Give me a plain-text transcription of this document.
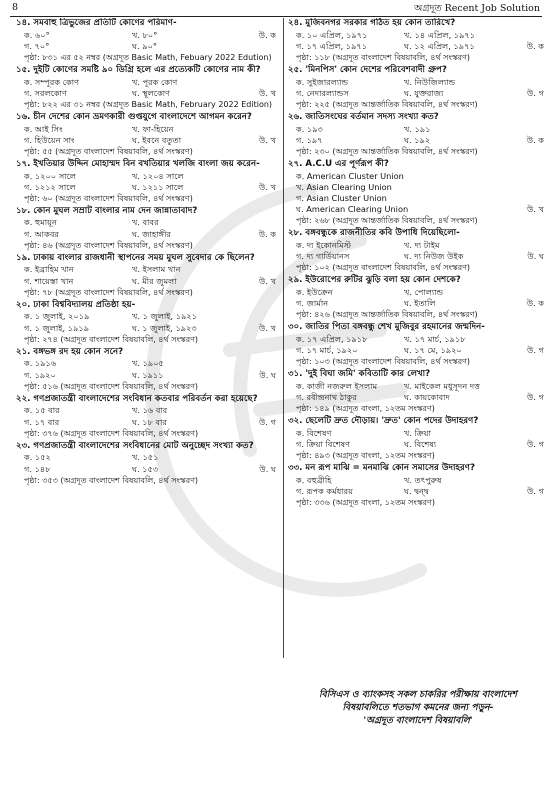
8	অগ্রদূত Recent Job Solution
১৪. সমবাহু ত্রিভুজের প্রতিটি কোণের পরিমাণ-
ক. ৬০°	খ. ৮০°	উ. ক
গ. ৭০°	ঘ. ৯০°
পৃষ্ঠা: ৮৩১ এর ৫২ নম্বর (অগ্রদূত Basic Math, Febuary 2022 Edution)
১৫. দুইটি কোণের সমষ্টি ৯০ ডিগ্রি হলে এর প্রত্যেকটি কোণের নাম কী?
ক. সম্পূরক কোণ	খ. পূরক কোণ
গ. সরলকোণ	ঘ. স্থূলকোণ	উ. খ
পৃষ্ঠা: ৮২২ এর ৩১ নম্বর (অগ্রদূত Basic Math, February 2022 Edition)
১৬. চীন দেশের কোন ভ্রমণকারী গুপ্তযুগে বাংলাদেশে আগমন করেন?
ক. আই সিং	খ. ফা-হিয়েন
গ. হিউয়েন সাং	ঘ. ইবনে বতুতা	উ. খ
পৃষ্ঠা: ৫৫ (অগ্রদূত বাংলাদেশ বিষয়াবলি, ৪র্থ সংস্করণ)
১৭. ইখতিয়ার উদ্দিন মোহাম্মদ বিন বখতিয়ার খলজি বাংলা জয় করেন-
ক. ১২০০ সালে	খ. ১২০৪ সালে
গ. ১২১২ সালে	ঘ. ১২১১ সালে	উ. খ
পৃষ্ঠা: ৬০ (অগ্রদূত বাংলাদেশ বিষয়াবলি, ৪র্থ সংস্করণ)
১৮. কোন মুঘল সম্রাট বাংলার নাম দেন জান্নাতাবাদ?
ক. হুমায়ূন	খ. বাবর
গ. আকবর	ঘ. জাহাঙ্গীর	উ. ক
পৃষ্ঠা: ৪৬ (অগ্রদূত বাংলাদেশ বিষয়াবলি, ৪র্থ সংস্করণ)
১৯. ঢাকায় বাংলার রাজধানী স্থাপনের সময় মুঘল সুবেদার কে ছিলেন?
ক. ইব্রাহিম খান	খ. ইসলাম খান
গ. শায়েস্তা খান	ঘ. মীর জুমলা	উ. খ
পৃষ্ঠা: ৭৮ (অগ্রদূত বাংলাদেশ বিষয়াবলি, ৪র্থ সংস্করণ)
২০. ঢাকা বিশ্ববিদ্যালয় প্রতিষ্ঠা হয়-
ক. ১ জুলাই, ২০১৯	খ. ১ জুলাই, ১৯২১
গ. ১ জুলাই, ১৯১৯	ঘ. ১ জুলাই, ১৯২৩	উ. খ
পৃষ্ঠা: ২৭৪ (অগ্রদূত বাংলাদেশ বিষয়াবলি, ৪র্থ সংস্করণ)
২১. বঙ্গভঙ্গ রদ হয় কোন সনে?
ক. ১৯১৬	খ. ১৯০৫
গ. ১৯২০	ঘ. ১৯১১	উ. ঘ
পৃষ্ঠা: ৫১৬ (অগ্রদূত বাংলাদেশ বিষয়াবলি, ৪র্থ সংস্করণ)
২২. গণপ্রজাতন্ত্রী বাংলাদেশের সংবিধান কতবার পরিবর্তন করা হয়েছে?
ক. ১৫ বার	খ. ১৬ বার
গ. ১৭ বার	ঘ. ১৮ বার	উ. গ
পৃষ্ঠা: ৩৭৬ (অগ্রদূত বাংলাদেশ বিষয়াবলি, ৪র্থ সংস্করণ)
২৩. গণপ্রজাতন্ত্রী বাংলাদেশের সংবিধানের মোট অনুচ্ছেদ সংখ্যা কত?
ক. ১৫২	খ. ১৫১
গ. ১৪৮	ঘ. ১৫৩	উ. ঘ
পৃষ্ঠা: ৩৫৩ (অগ্রদূত বাংলাদেশ বিষয়াবলি, ৪র্থ সংস্করণ)
২৪. মুজিবনগর সরকার গঠিত হয় কোন তারিখে?
ক. ১০ এপ্রিল, ১৯৭১	খ. ১৪ এপ্রিল, ১৯৭১
গ. ১৭ এপ্রিল, ১৯৭১	ঘ. ১২ এপ্রিল, ১৯৭১	উ. ক
পৃষ্ঠা: ১১৮ (অগ্রদূত বাংলাদেশ বিষয়াবলি, ৪র্থ সংস্করণ)
২৫. 'মিনপিস' কোন দেশের পরিবেশবাদী গ্রুপ?
ক. সুইজারল্যান্ড	খ. নিউজিল্যান্ড
গ. নেদারল্যান্ডস	ঘ. যুক্তরাজ্য	উ. গ
পৃষ্ঠা: ২২৫ (অগ্রদূত আন্তর্জাতিক বিষয়াবলি, ৪র্থ সংস্করণ)
২৬. জাতিসংঘের বর্তমান সদস্য সংখ্যা কত?
ক. ১৯৩	খ. ১৯১
গ. ১৯৭	ঘ. ১৯২	উ. ক
পৃষ্ঠা: ২৩০ (অগ্রদূত আন্তর্জাতিক বিষয়াবলি, ৪র্থ সংস্করণ)
২৭. A.C.U এর পূর্ণরূপ কী?
ক. American Cluster Union
খ. Asian Clearing Union
গ. Asian Cluster Union
ঘ. American Clearing Union	উ. খ
পৃষ্ঠা: ২৬৮ (অগ্রদূত আন্তর্জাতিক বিষয়াবলি, ৪র্থ সংস্করণ)
২৮. বঙ্গবন্ধুকে রাজনীতির কবি উপাধি দিয়েছিলো-
ক. দ্য ইকোনমিস্ট	খ. দ্য টাইম
গ. দ্য গার্ডিয়ানস	ঘ. দ্য নিউজ উইক	উ. ঘ
পৃষ্ঠা: ১০২ (অগ্রদূত বাংলাদেশ বিষয়াবলি, ৪র্থ সংস্করণ)
২৯. ইউরোপের রুটির ঝুড়ি বলা হয় কোন দেশকে?
ক. ইউক্রেন	খ. পোল্যান্ড
গ. জার্মান	ঘ. ইতালি	উ. ক
পৃষ্ঠা: ৪২৬ (অগ্রদূত আন্তর্জাতিক বিষয়াবলি, ৪র্থ সংস্করণ)
৩০. জাতির পিতা বঙ্গবন্ধু শেখ মুজিবুর রহমানের জন্মদিন-
ক. ১৭ এপ্রিল, ১৯১৮	খ. ১৭ মার্চ, ১৯১৮
গ. ১৭ মার্চ, ১৯২০	ঘ. ১৭ মে, ১৯২০	উ. গ
পৃষ্ঠা: ১০৩ (অগ্রদূত বাংলাদেশ বিষয়াবলি, ৪র্থ সংস্করণ)
৩১. 'দুই বিঘা জমি' কবিতাটি কার লেখা?
ক. কাজী নজরুল ইসলাম	খ. মাইকেল মধুসূদন দত্ত
গ. রবীন্দ্রনাথ ঠাকুর	ঘ. কায়কোবাদ	উ. গ
পৃষ্ঠা: ১৪৯ (অগ্রদূত বাংলা, ১২তম সংস্করণ)
৩২. ছেলেটি দ্রুত দৌড়ায়। 'দ্রুত' কোন পদের উদাহরণ?
ক. বিশেষণ	খ. ক্রিয়া
গ. ক্রিয়া বিশেষণ	ঘ. বিশেষ্য	উ. গ
পৃষ্ঠা: ৪৯৩ (অগ্রদূত বাংলা, ১২তম সংস্করণ)
৩৩. মন রূপ মাঝি = মনমাঝি কোন সমাসের উদাহরণ?
ক. বহুব্রীহি	খ. তৎপুরুষ
গ. রূপক কর্মধারয়	ঘ. দ্বন্দ্ব	উ. গ
পৃষ্ঠা: ৩৩৬ (অগ্রদূত বাংলা, ১২তম সংস্করণ)
বিসিএস ও ব্যাংকসহ সকল চাকরির পরীক্ষায় বাংলাদেশ
বিষয়াবলিতে শতভাগ কমনের জন্য পড়ুন-
'অগ্রদূত বাংলাদেশ বিষয়াবলি'
